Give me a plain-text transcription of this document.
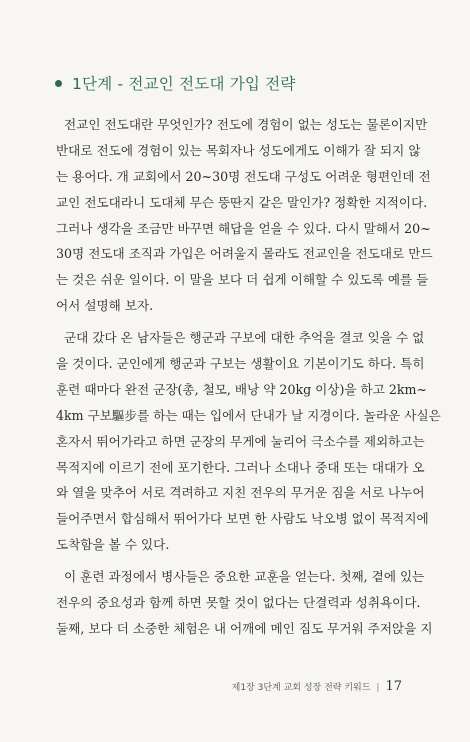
1단계 - 전교인 전도대 가입 전략
전교인 전도대란 무엇인가? 전도에 경험이 없는 성도는 물론이지만
반대로 전도에 경험이 있는 목회자나 성도에게도 이해가 잘 되지 않
는 용어다. 개 교회에서 20~30명 전도대 구성도 어려운 형편인데 전
교인 전도대라니 도대체 무슨 뚱딴지 같은 말인가? 정확한 지적이다.
그러나 생각을 조금만 바꾸면 해답을 얻을 수 있다. 다시 말해서 20~
30명 전도대 조직과 가입은 어려울지 몰라도 전교인을 전도대로 만드
는 것은 쉬운 일이다. 이 말을 보다 더 쉽게 이해할 수 있도록 예를 들
어서 설명해 보자.
군대 갔다 온 남자들은 행군과 구보에 대한 추억을 결코 잊을 수 없
을 것이다. 군인에게 행군과 구보는 생활이요 기본이기도 하다. 특히
훈련 때마다 완전 군장(총, 철모, 배낭 약 20kg 이상)을 하고 2km~
4km 구보驅步를 하는 때는 입에서 단내가 날 지경이다. 놀라운 사실은
혼자서 뛰어가라고 하면 군장의 무게에 눌리어 극소수를 제외하고는
목적지에 이르기 전에 포기한다. 그러나 소대나 중대 또는 대대가 오
와 열을 맞추어 서로 격려하고 지친 전우의 무거운 짐을 서로 나누어
들어주면서 합심해서 뛰어가다 보면 한 사람도 낙오병 없이 목적지에
도착함을 볼 수 있다.
이 훈련 과정에서 병사들은 중요한 교훈을 얻는다. 첫째, 곁에 있는
전우의 중요성과 함께 하면 못할 것이 없다는 단결력과 성취욕이다.
둘째, 보다 더 소중한 체험은 내 어깨에 메인 짐도 무거워 주저앉을 지
제1장 3단계 교회 성장 전략 키워드 | 17
